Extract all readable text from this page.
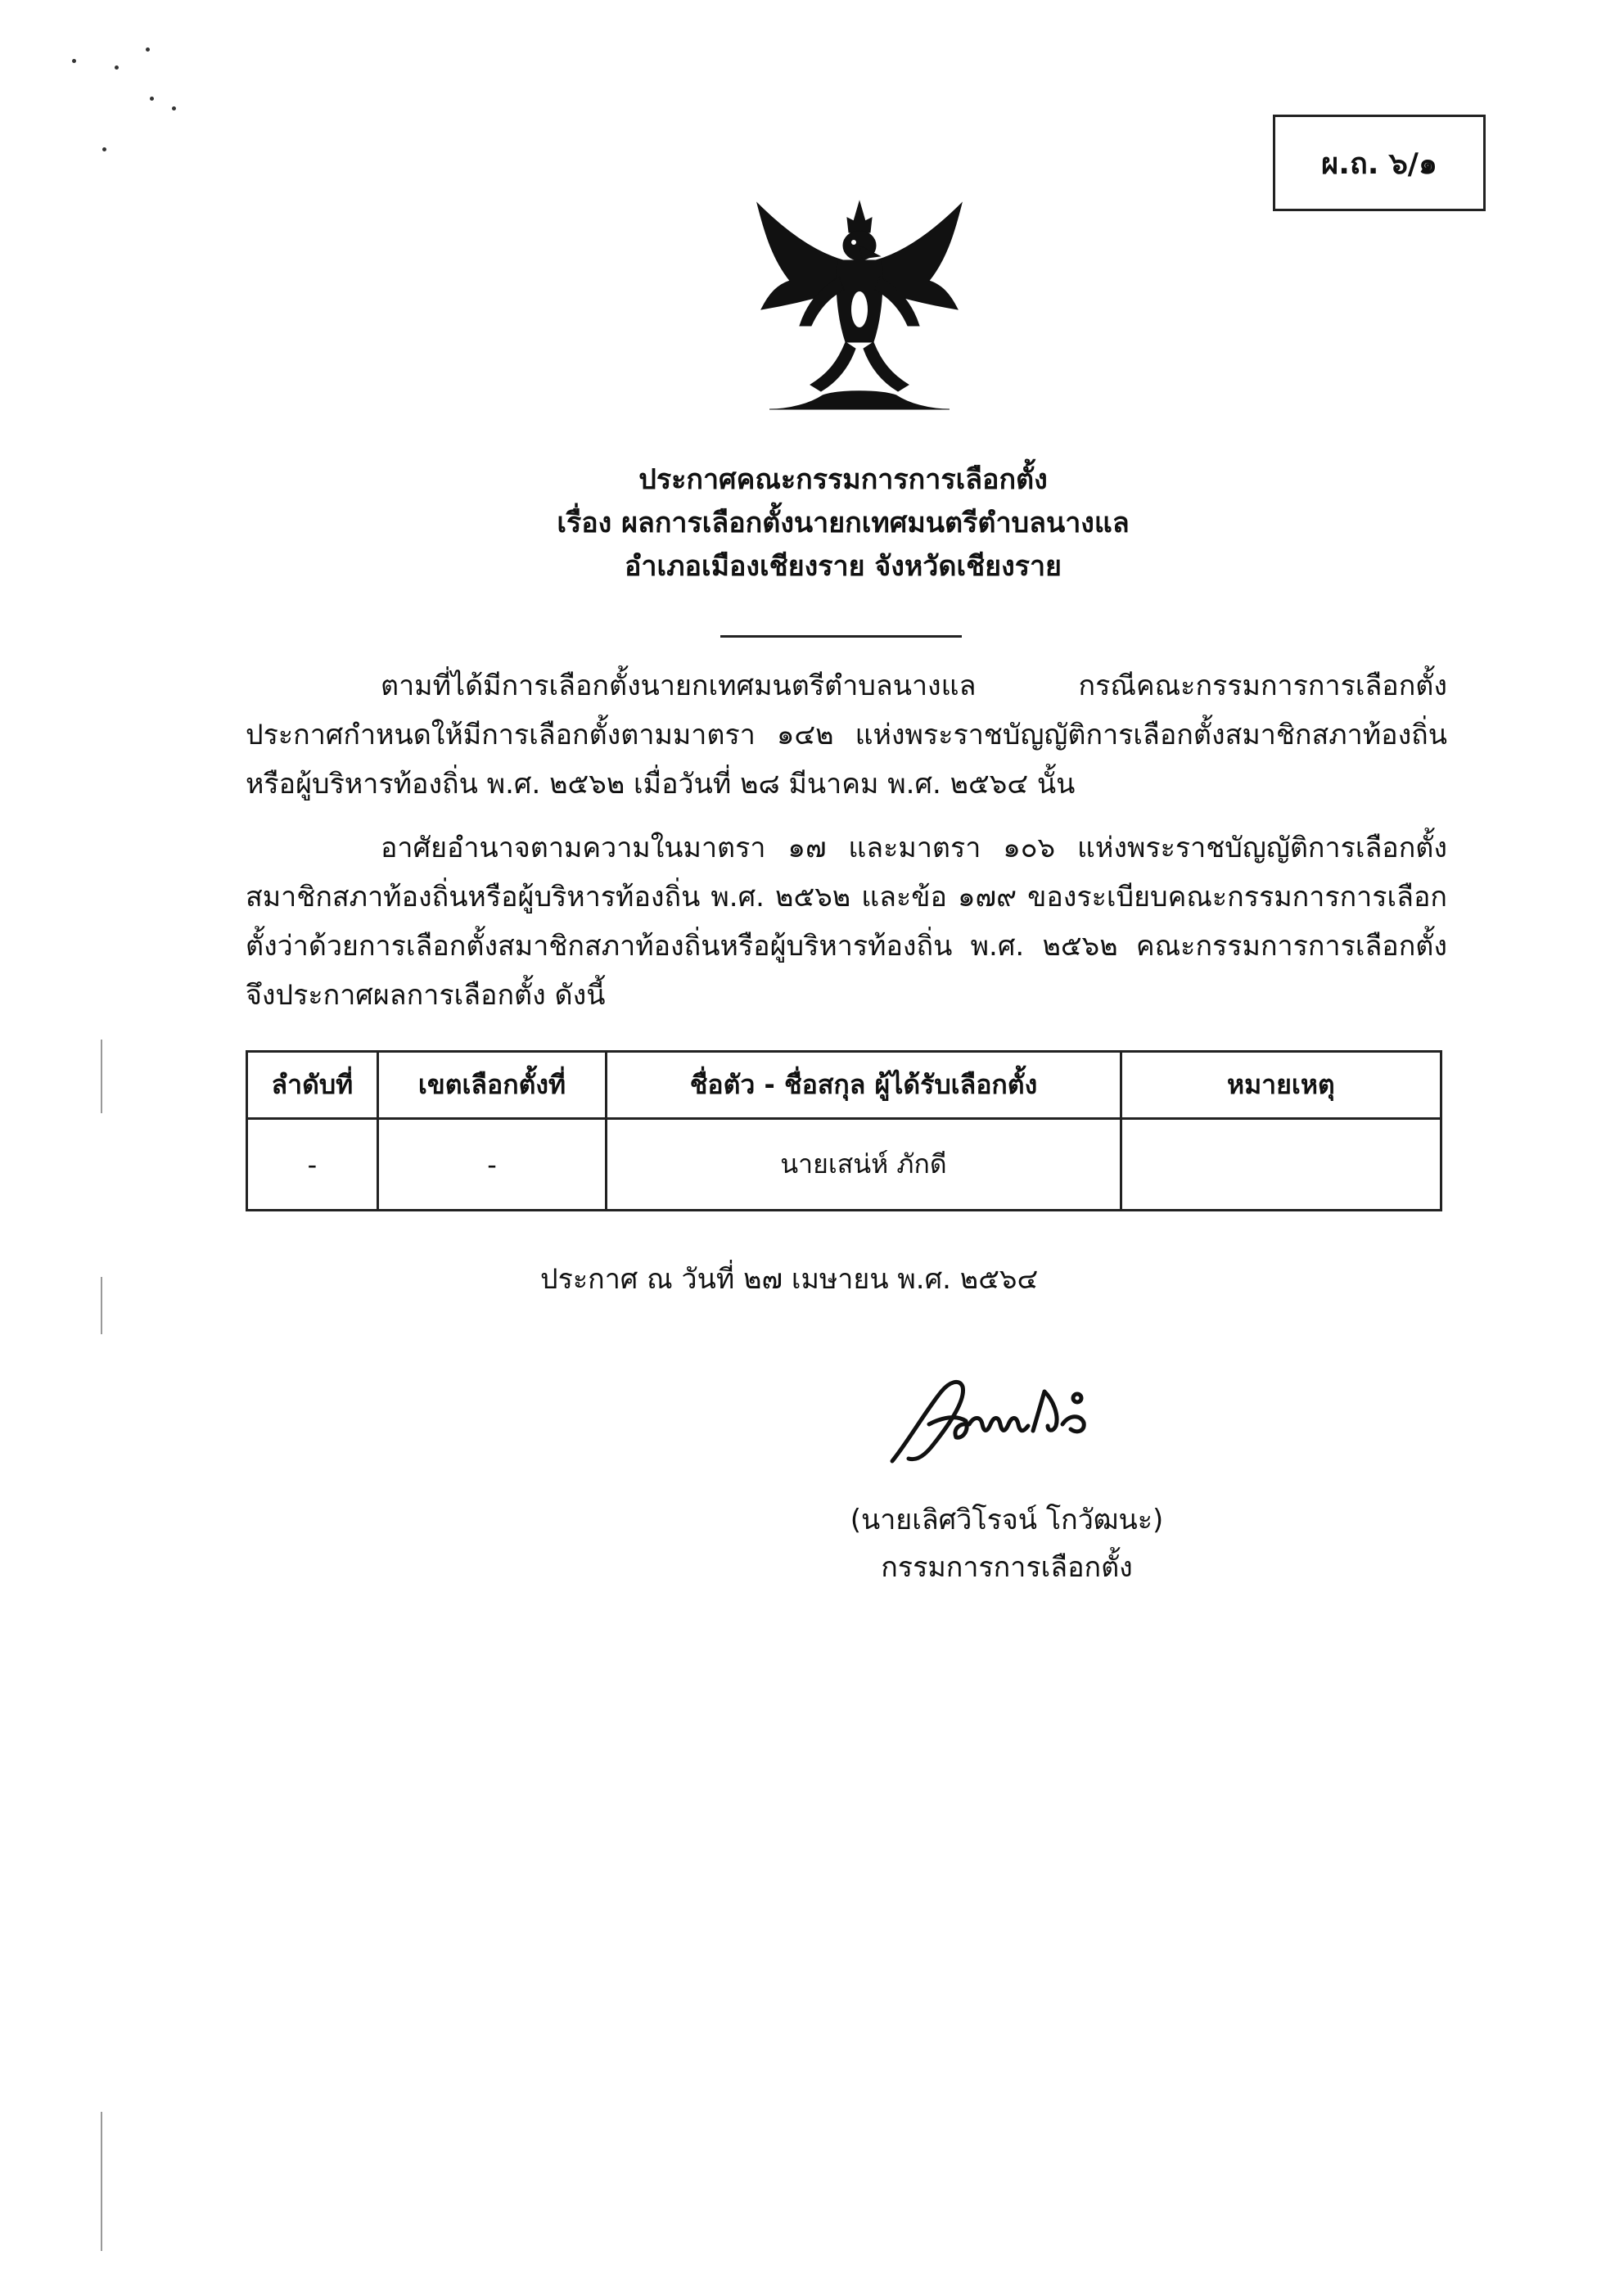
ผ.ถ. ๖/๑
ประกาศคณะกรรมการการเลือกตั้ง
เรื่อง ผลการเลือกตั้งนายกเทศมนตรีตำบลนางแล
อำเภอเมืองเชียงราย จังหวัดเชียงราย
ตามที่ได้มีการเลือกตั้งนายกเทศมนตรีตำบลนางแล กรณีคณะกรรมการการเลือกตั้งประกาศกำหนดให้มีการเลือกตั้งตามมาตรา ๑๔๒ แห่งพระราชบัญญัติการเลือกตั้งสมาชิกสภาท้องถิ่นหรือผู้บริหารท้องถิ่น พ.ศ. ๒๕๖๒ เมื่อวันที่ ๒๘ มีนาคม พ.ศ. ๒๕๖๔ นั้น
อาศัยอำนาจตามความในมาตรา ๑๗ และมาตรา ๑๐๖ แห่งพระราชบัญญัติการเลือกตั้งสมาชิกสภาท้องถิ่นหรือผู้บริหารท้องถิ่น พ.ศ. ๒๕๖๒ และข้อ ๑๗๙ ของระเบียบคณะกรรมการการเลือกตั้งว่าด้วยการเลือกตั้งสมาชิกสภาท้องถิ่นหรือผู้บริหารท้องถิ่น พ.ศ. ๒๕๖๒ คณะกรรมการการเลือกตั้งจึงประกาศผลการเลือกตั้ง ดังนี้
ลำดับที่	เขตเลือกตั้งที่	ชื่อตัว - ชื่อสกุล ผู้ได้รับเลือกตั้ง	หมายเหตุ
-	-	นายเสน่ห์ ภักดี	
ประกาศ ณ วันที่ ๒๗ เมษายน พ.ศ. ๒๕๖๔
(นายเลิศวิโรจน์ โกวัฒนะ)
กรรมการการเลือกตั้ง
